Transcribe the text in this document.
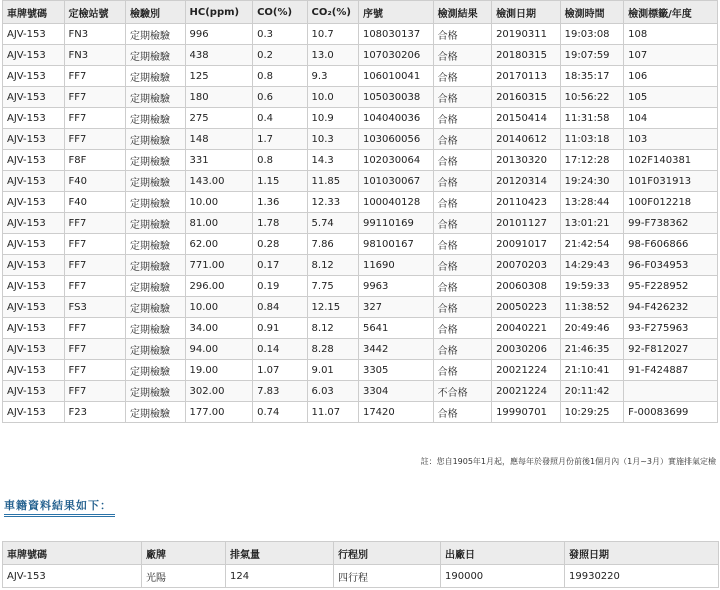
車牌號碼	定檢站號	檢驗別	HC(ppm)	CO(%)	CO₂(%)	序號	檢測結果	檢測日期	檢測時間	檢測標籤/年度
AJV-153	FN3	定期檢驗	996	0.3	10.7	108030137	合格	20190311	19:03:08	108
AJV-153	FN3	定期檢驗	438	0.2	13.0	107030206	合格	20180315	19:07:59	107
AJV-153	FF7	定期檢驗	125	0.8	9.3	106010041	合格	20170113	18:35:17	106
AJV-153	FF7	定期檢驗	180	0.6	10.0	105030038	合格	20160315	10:56:22	105
AJV-153	FF7	定期檢驗	275	0.4	10.9	104040036	合格	20150414	11:31:58	104
AJV-153	FF7	定期檢驗	148	1.7	10.3	103060056	合格	20140612	11:03:18	103
AJV-153	F8F	定期檢驗	331	0.8	14.3	102030064	合格	20130320	17:12:28	102F140381
AJV-153	F40	定期檢驗	143.00	1.15	11.85	101030067	合格	20120314	19:24:30	101F031913
AJV-153	F40	定期檢驗	10.00	1.36	12.33	100040128	合格	20110423	13:28:44	100F012218
AJV-153	FF7	定期檢驗	81.00	1.78	5.74	99110169	合格	20101127	13:01:21	99-F738362
AJV-153	FF7	定期檢驗	62.00	0.28	7.86	98100167	合格	20091017	21:42:54	98-F606866
AJV-153	FF7	定期檢驗	771.00	0.17	8.12	11690	合格	20070203	14:29:43	96-F034953
AJV-153	FF7	定期檢驗	296.00	0.19	7.75	9963	合格	20060308	19:59:33	95-F228952
AJV-153	FS3	定期檢驗	10.00	0.84	12.15	327	合格	20050223	11:38:52	94-F426232
AJV-153	FF7	定期檢驗	34.00	0.91	8.12	5641	合格	20040221	20:49:46	93-F275963
AJV-153	FF7	定期檢驗	94.00	0.14	8.28	3442	合格	20030206	21:46:35	92-F812027
AJV-153	FF7	定期檢驗	19.00	1.07	9.01	3305	合格	20021224	21:10:41	91-F424887
AJV-153	FF7	定期檢驗	302.00	7.83	6.03	3304	不合格	20021224	20:11:42	
AJV-153	F23	定期檢驗	177.00	0.74	11.07	17420	合格	19990701	10:29:25	F-00083699
註：您自1905年1月起，應每年於發照月份前後1個月內（1月~3月）實施排氣定檢
車籍資料結果如下：
車牌號碼	廠牌	排氣量	行程別	出廠日	發照日期
AJV-153	光陽	124	四行程	190000	19930220
